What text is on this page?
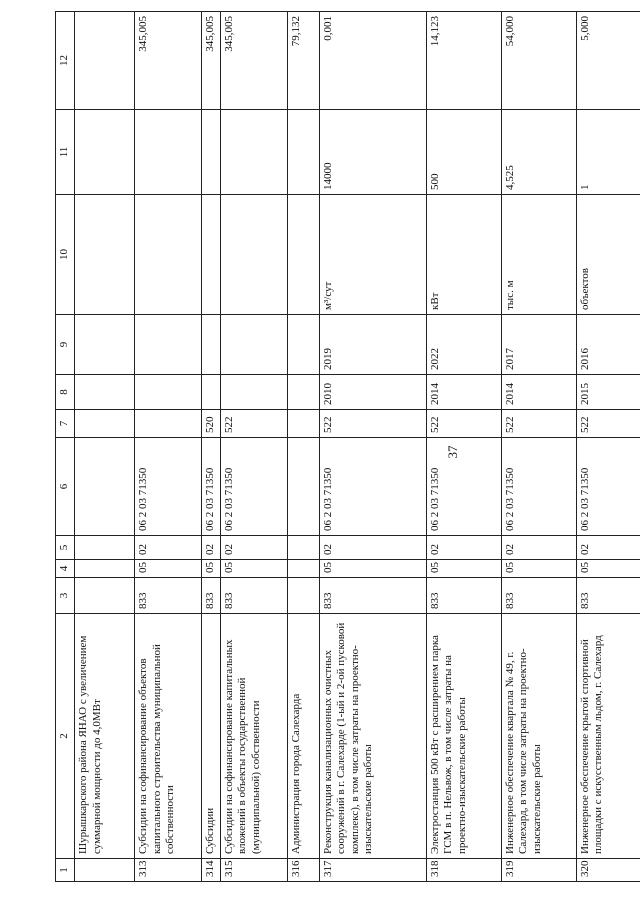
37
1	2	3	4	5	6	7	8	9	10	11	12
	Шурышкарского района ЯНАО с увеличением суммарной мощности до 4,0МВт										
313	Субсидии на софинансирование объектов капитального строительства муниципальной собственности	833	05	02	06 2 03 71350						345,005
314	Субсидии	833	05	02	06 2 03 71350	520					345,005
315	Субсидии на софинансирование капитальных вложений в объекты государственной (муниципальной) собственности	833	05	02	06 2 03 71350	522					345,005
316	Администрация города Салехарда										79,132
317	Реконструкция канализационных очистных сооружений в г. Салехарде (1-ый и 2-ой пусковой комплекс), в том числе затраты на проектно-изыскательские работы	833	05	02	06 2 03 71350	522	2010	2019	м³/сут	14000	0,001
318	Электростанция 500 кВт с расширением парка ГСМ в п. Нельвож, в том числе затраты на проектно-изыскательские работы	833	05	02	06 2 03 71350	522	2014	2022	кВт	500	14,123
319	Инженерное обеспечение квартала № 49, г. Салехард, в том числе затраты на проектно-изыскательские работы	833	05	02	06 2 03 71350	522	2014	2017	тыс. м	4,525	54,000
320	Инженерное обеспечение крытой спортивной площадки с искусственным льдом, г. Салехард	833	05	02	06 2 03 71350	522	2015	2016	объектов	1	5,000
